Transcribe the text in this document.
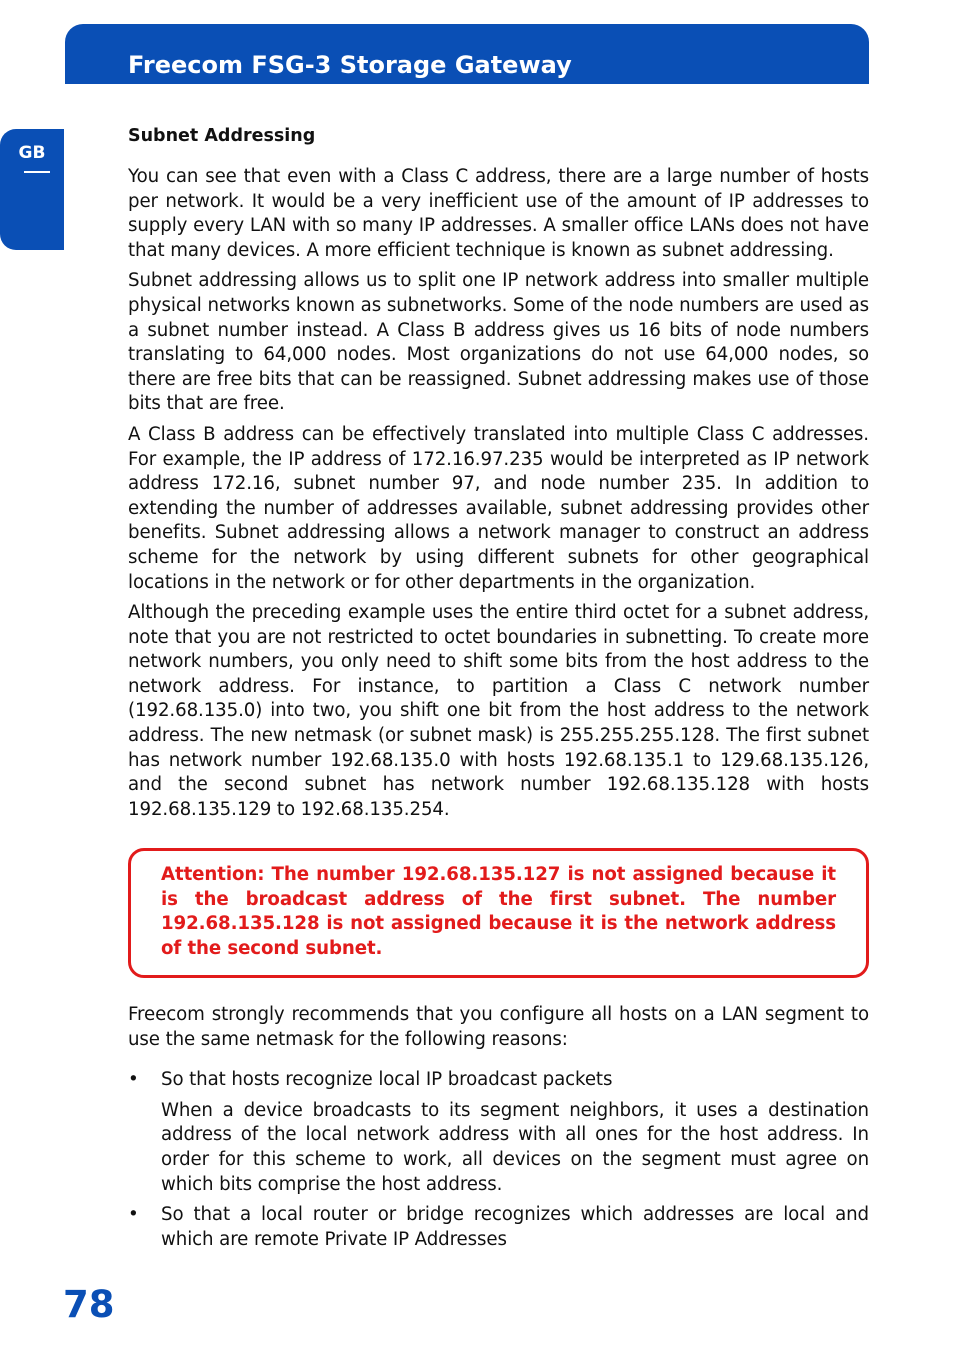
Freecom FSG-3 Storage Gateway
GB
Subnet Addressing

You can see that even with a Class C address, there are a large number of hosts per network. It would be a very inefficient use of the amount of IP addresses to supply every LAN with so many IP addresses. A smaller office LANs does not have that many devices. A more efficient technique is known as subnet addressing.

Subnet addressing allows us to split one IP network address into smaller multiple physical networks known as subnetworks. Some of the node numbers are used as a subnet number instead. A Class B address gives us 16 bits of node numbers translating to 64,000 nodes. Most organizations do not use 64,000 nodes, so there are free bits that can be reassigned. Subnet addressing makes use of those bits that are free.

A Class B address can be effectively translated into multiple Class C addresses. For example, the IP address of 172.16.97.235 would be interpreted as IP network address 172.16, subnet number 97, and node number 235. In addition to extending the number of addresses available, subnet addressing provides other benefits. Subnet addressing allows a network manager to construct an address scheme for the network by using different subnets for other geographical locations in the network or for other departments in the organization.

Although the preceding example uses the entire third octet for a subnet address, note that you are not restricted to octet boundaries in subnetting. To create more network numbers, you only need to shift some bits from the host address to the network address. For instance, to partition a Class C network number (192.68.135.0) into two, you shift one bit from the host address to the network address. The new netmask (or subnet mask) is 255.255.255.128. The first subnet has network number 192.68.135.0 with hosts 192.68.135.1 to 129.68.135.126, and the second subnet has network number 192.68.135.128 with hosts 192.68.135.129 to 192.68.135.254.

Attention: The number 192.68.135.127 is not assigned because it is the broadcast address of the first subnet. The number 192.68.135.128 is not assigned because it is the network address of the second subnet.

Freecom strongly recommends that you configure all hosts on a LAN segment to use the same netmask for the following reasons:

• So that hosts recognize local IP broadcast packets

When a device broadcasts to its segment neighbors, it uses a destination address of the local network address with all ones for the host address. In order for this scheme to work, all devices on the segment must agree on which bits comprise the host address.

• So that a local router or bridge recognizes which addresses are local and which are remote Private IP Addresses

78
